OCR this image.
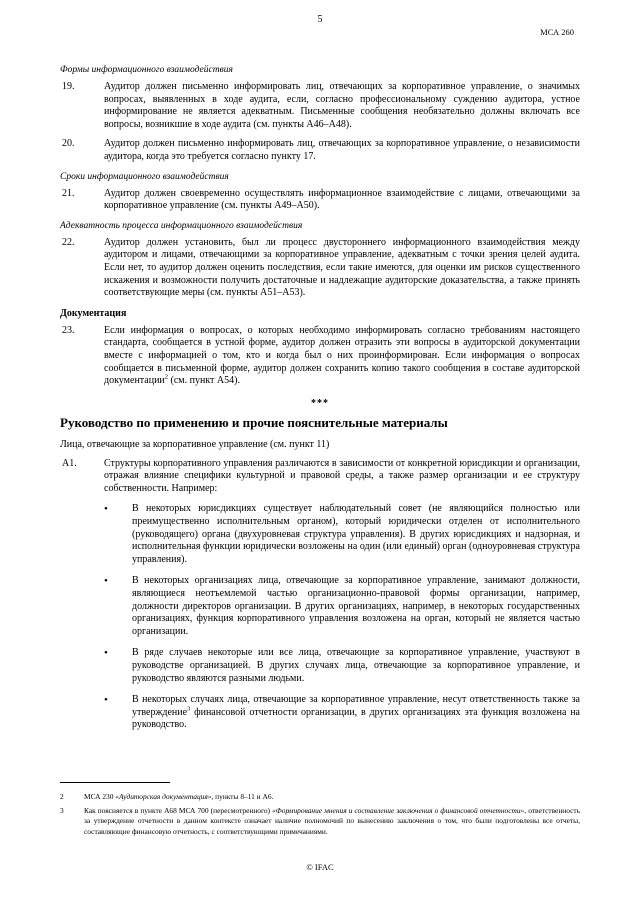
5
МСА 260
Формы информационного взаимодействия
19.	Аудитор должен письменно информировать лиц, отвечающих за корпоративное управление, о значимых вопросах, выявленных в ходе аудита, если, согласно профессиональному суждению аудитора, устное информирование не является адекватным. Письменные сообщения необязательно должны включать все вопросы, возникшие в ходе аудита (см. пункты A46–A48).
20.	Аудитор должен письменно информировать лиц, отвечающих за корпоративное управление, о независимости аудитора, когда это требуется согласно пункту 17.
Сроки информационного взаимодействия
21.	Аудитор должен своевременно осуществлять информационное взаимодействие с лицами, отвечающими за корпоративное управление (см. пункты A49–A50).
Адекватность процесса информационного взаимодействия
22.	Аудитор должен установить, был ли процесс двустороннего информационного взаимодействия между аудитором и лицами, отвечающими за корпоративное управление, адекватным с точки зрения целей аудита. Если нет, то аудитор должен оценить последствия, если такие имеются, для оценки им рисков существенного искажения и возможности получить достаточные и надлежащие аудиторские доказательства, а также принять соответствующие меры (см. пункты A51–A53).
Документация
23.	Если информация о вопросах, о которых необходимо информировать согласно требованиям настоящего стандарта, сообщается в устной форме, аудитор должен отразить эти вопросы в аудиторской документации вместе с информацией о том, кто и когда был о них проинформирован. Если информация о вопросах сообщается в письменной форме, аудитор должен сохранить копию такого сообщения в составе аудиторской документации$^2$ (см. пункт A54).
***
Руководство по применению и прочие пояснительные материалы
Лица, отвечающие за корпоративное управление (см. пункт 11)
A1.	Структуры корпоративного управления различаются в зависимости от конкретной юрисдикции и организации, отражая влияние специфики культурной и правовой среды, а также размер организации и ее структуру собственности. Например:
•	В некоторых юрисдикциях существует наблюдательный совет (не являющийся полностью или преимущественно исполнительным органом), который юридически отделен от исполнительного (руководящего) органа (двухуровневая структура управления). В других юрисдикциях и надзорная, и исполнительная функции юридически возложены на один (или единый) орган (одноуровневая структура управления).
•	В некоторых организациях лица, отвечающие за корпоративное управление, занимают должности, являющиеся неотъемлемой частью организационно-правовой формы организации, например, должности директоров организации. В других организациях, например, в некоторых государственных организациях, функция корпоративного управления возложена на орган, который не является частью организации.
•	В ряде случаев некоторые или все лица, отвечающие за корпоративное управление, участвуют в руководстве организацией. В других случаях лица, отвечающие за корпоративное управление, и руководство являются разными людьми.
•	В некоторых случаях лица, отвечающие за корпоративное управление, несут ответственность также за утверждение$^3$ финансовой отчетности организации, в других организациях эта функция возложена на руководство.
2	МСА 230 «Аудиторская документация», пункты 8–11 и A6.
3	Как поясняется в пункте A68 МСА 700 (пересмотренного) «Формирование мнения и составление заключения о финансовой отчетности», ответственность за утверждение отчетности в данном контексте означает наличие полномочий по вынесению заключения о том, что были подготовлены все отчеты, составляющие финансовую отчетность, с соответствующими примечаниями.
© IFAC
